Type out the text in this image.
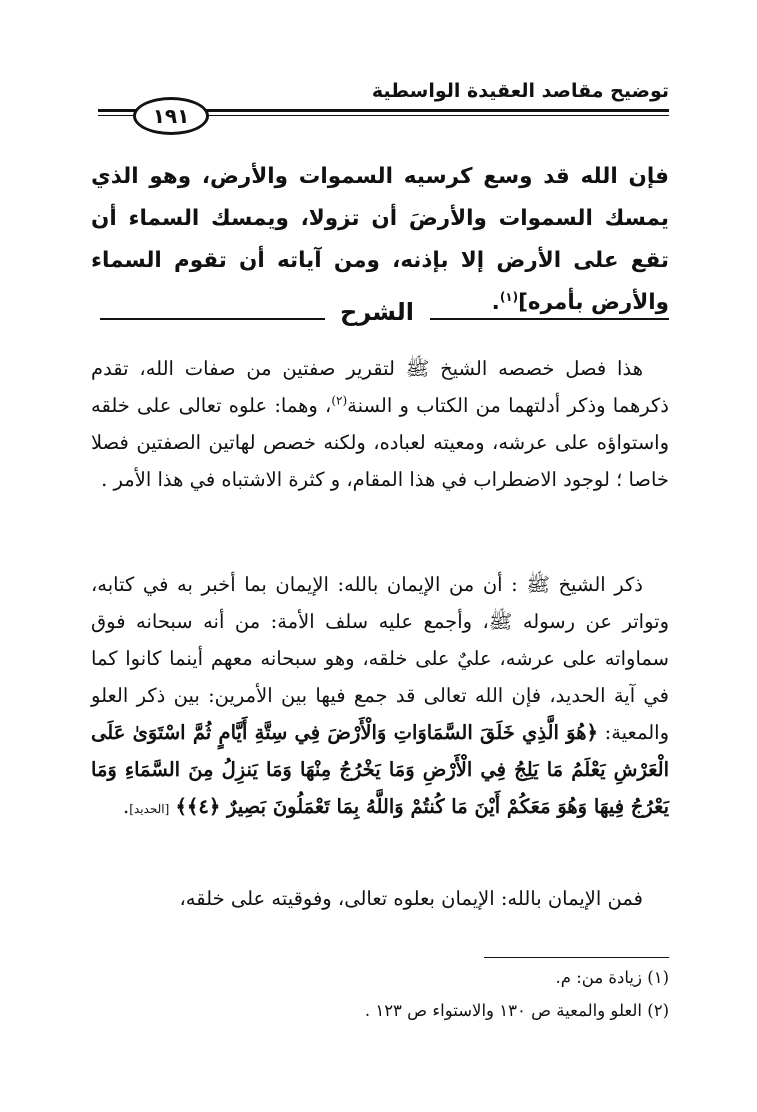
توضيح مقاصد العقيدة الواسطية
١٩١
فإن الله قد وسع كرسيه السموات والأرض، وهو الذي يمسك السموات والأرضَ أن تزولا، ويمسك السماء أن تقع على الأرض إلا بإذنه، ومن آياته أن تقوم السماء والأرض بأمره]$^{(١)}$.
الشرح
هذا فصل خصصه الشيخ ﷺ لتقرير صفتين من صفات الله، تقدم ذكرهما وذكر أدلتهما من الكتاب و السنة$^{(٢)}$، وهما: علوه تعالى على خلقه واستواؤه على عرشه، ومعيته لعباده، ولكنه خصص لهاتين الصفتين فصلا خاصا ؛ لوجود الاضطراب في هذا المقام، و كثرة الاشتباه في هذا الأمر .
ذكر الشيخ ﷺ : أن من الإيمان بالله: الإيمان بما أخبر به في كتابه، وتواتر عن رسوله ﷺ، وأجمع عليه سلف الأمة: من أنه سبحانه فوق سماواته على عرشه، عليٌ على خلقه، وهو سبحانه معهم أينما كانوا كما في آية الحديد، فإن الله تعالى قد جمع فيها بين الأمرين: بين ذكر العلو والمعية: ﴿هُوَ الَّذِي خَلَقَ السَّمَاوَاتِ وَالْأَرْضَ فِي سِتَّةِ أَيَّامٍ ثُمَّ اسْتَوَىٰ عَلَى الْعَرْشِ يَعْلَمُ مَا يَلِجُ فِي الْأَرْضِ وَمَا يَخْرُجُ مِنْهَا وَمَا يَنزِلُ مِنَ السَّمَاءِ وَمَا يَعْرُجُ فِيهَا وَهُوَ مَعَكُمْ أَيْنَ مَا كُنتُمْ وَاللَّهُ بِمَا تَعْمَلُونَ بَصِيرٌ ﴿٤﴾﴾ [الحديد].
فمن الإيمان بالله: الإيمان بعلوه تعالى، وفوقيته على خلقه،
(١) زيادة من: م.
(٢) العلو والمعية ص ١٣٠ والاستواء ص ١٢٣ .
